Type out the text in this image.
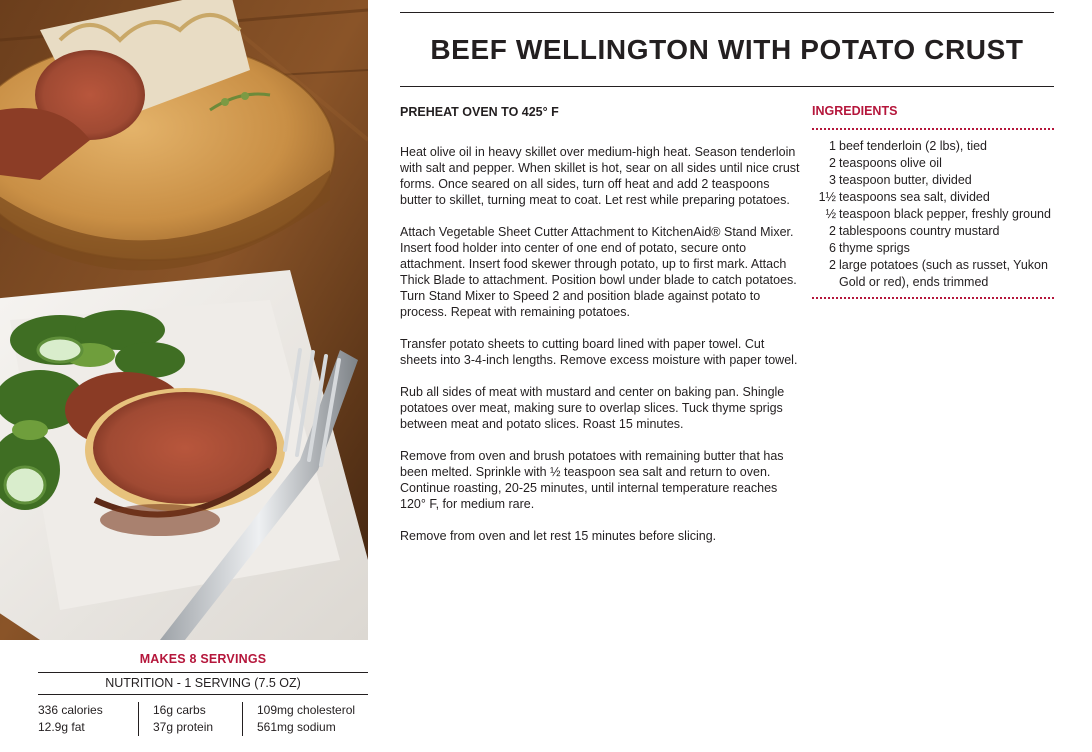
MAKES 8 SERVINGS
NUTRITION - 1 SERVING (7.5 OZ)
336 calories
12.9g fat
16g carbs
37g protein
109mg cholesterol
561mg sodium
BEEF WELLINGTON WITH POTATO CRUST

PREHEAT OVEN TO 425° F

Heat olive oil in heavy skillet over medium-high heat. Season tenderloin with salt and pepper. When skillet is hot, sear on all sides until nice crust forms. Once seared on all sides, turn off heat and add 2 teaspoons butter to skillet, turning meat to coat. Let rest while preparing potatoes.

Attach Vegetable Sheet Cutter Attachment to KitchenAid® Stand Mixer. Insert food holder into center of one end of potato, secure onto attachment. Insert food skewer through potato, up to first mark. Attach Thick Blade to attachment. Position bowl under blade to catch potatoes. Turn Stand Mixer to Speed 2 and position blade against potato to process. Repeat with remaining potatoes.

Transfer potato sheets to cutting board lined with paper towel. Cut sheets into 3-4-inch lengths. Remove excess moisture with paper towel.

Rub all sides of meat with mustard and center on baking pan. Shingle potatoes over meat, making sure to overlap slices. Tuck thyme sprigs between meat and potato slices. Roast 15 minutes.

Remove from oven and brush potatoes with remaining butter that has been melted. Sprinkle with ½ teaspoon sea salt and return to oven. Continue roasting, 20-25 minutes, until internal temperature reaches 120° F, for medium rare.

Remove from oven and let rest 15 minutes before slicing.

INGREDIENTS

1 beef tenderloin (2 lbs), tied
2 teaspoons olive oil
3 teaspoon butter, divided
1½ teaspoons sea salt, divided
½ teaspoon black pepper, freshly ground
2 tablespoons country mustard
6 thyme sprigs
2 large potatoes (such as russet, Yukon Gold or red), ends trimmed
